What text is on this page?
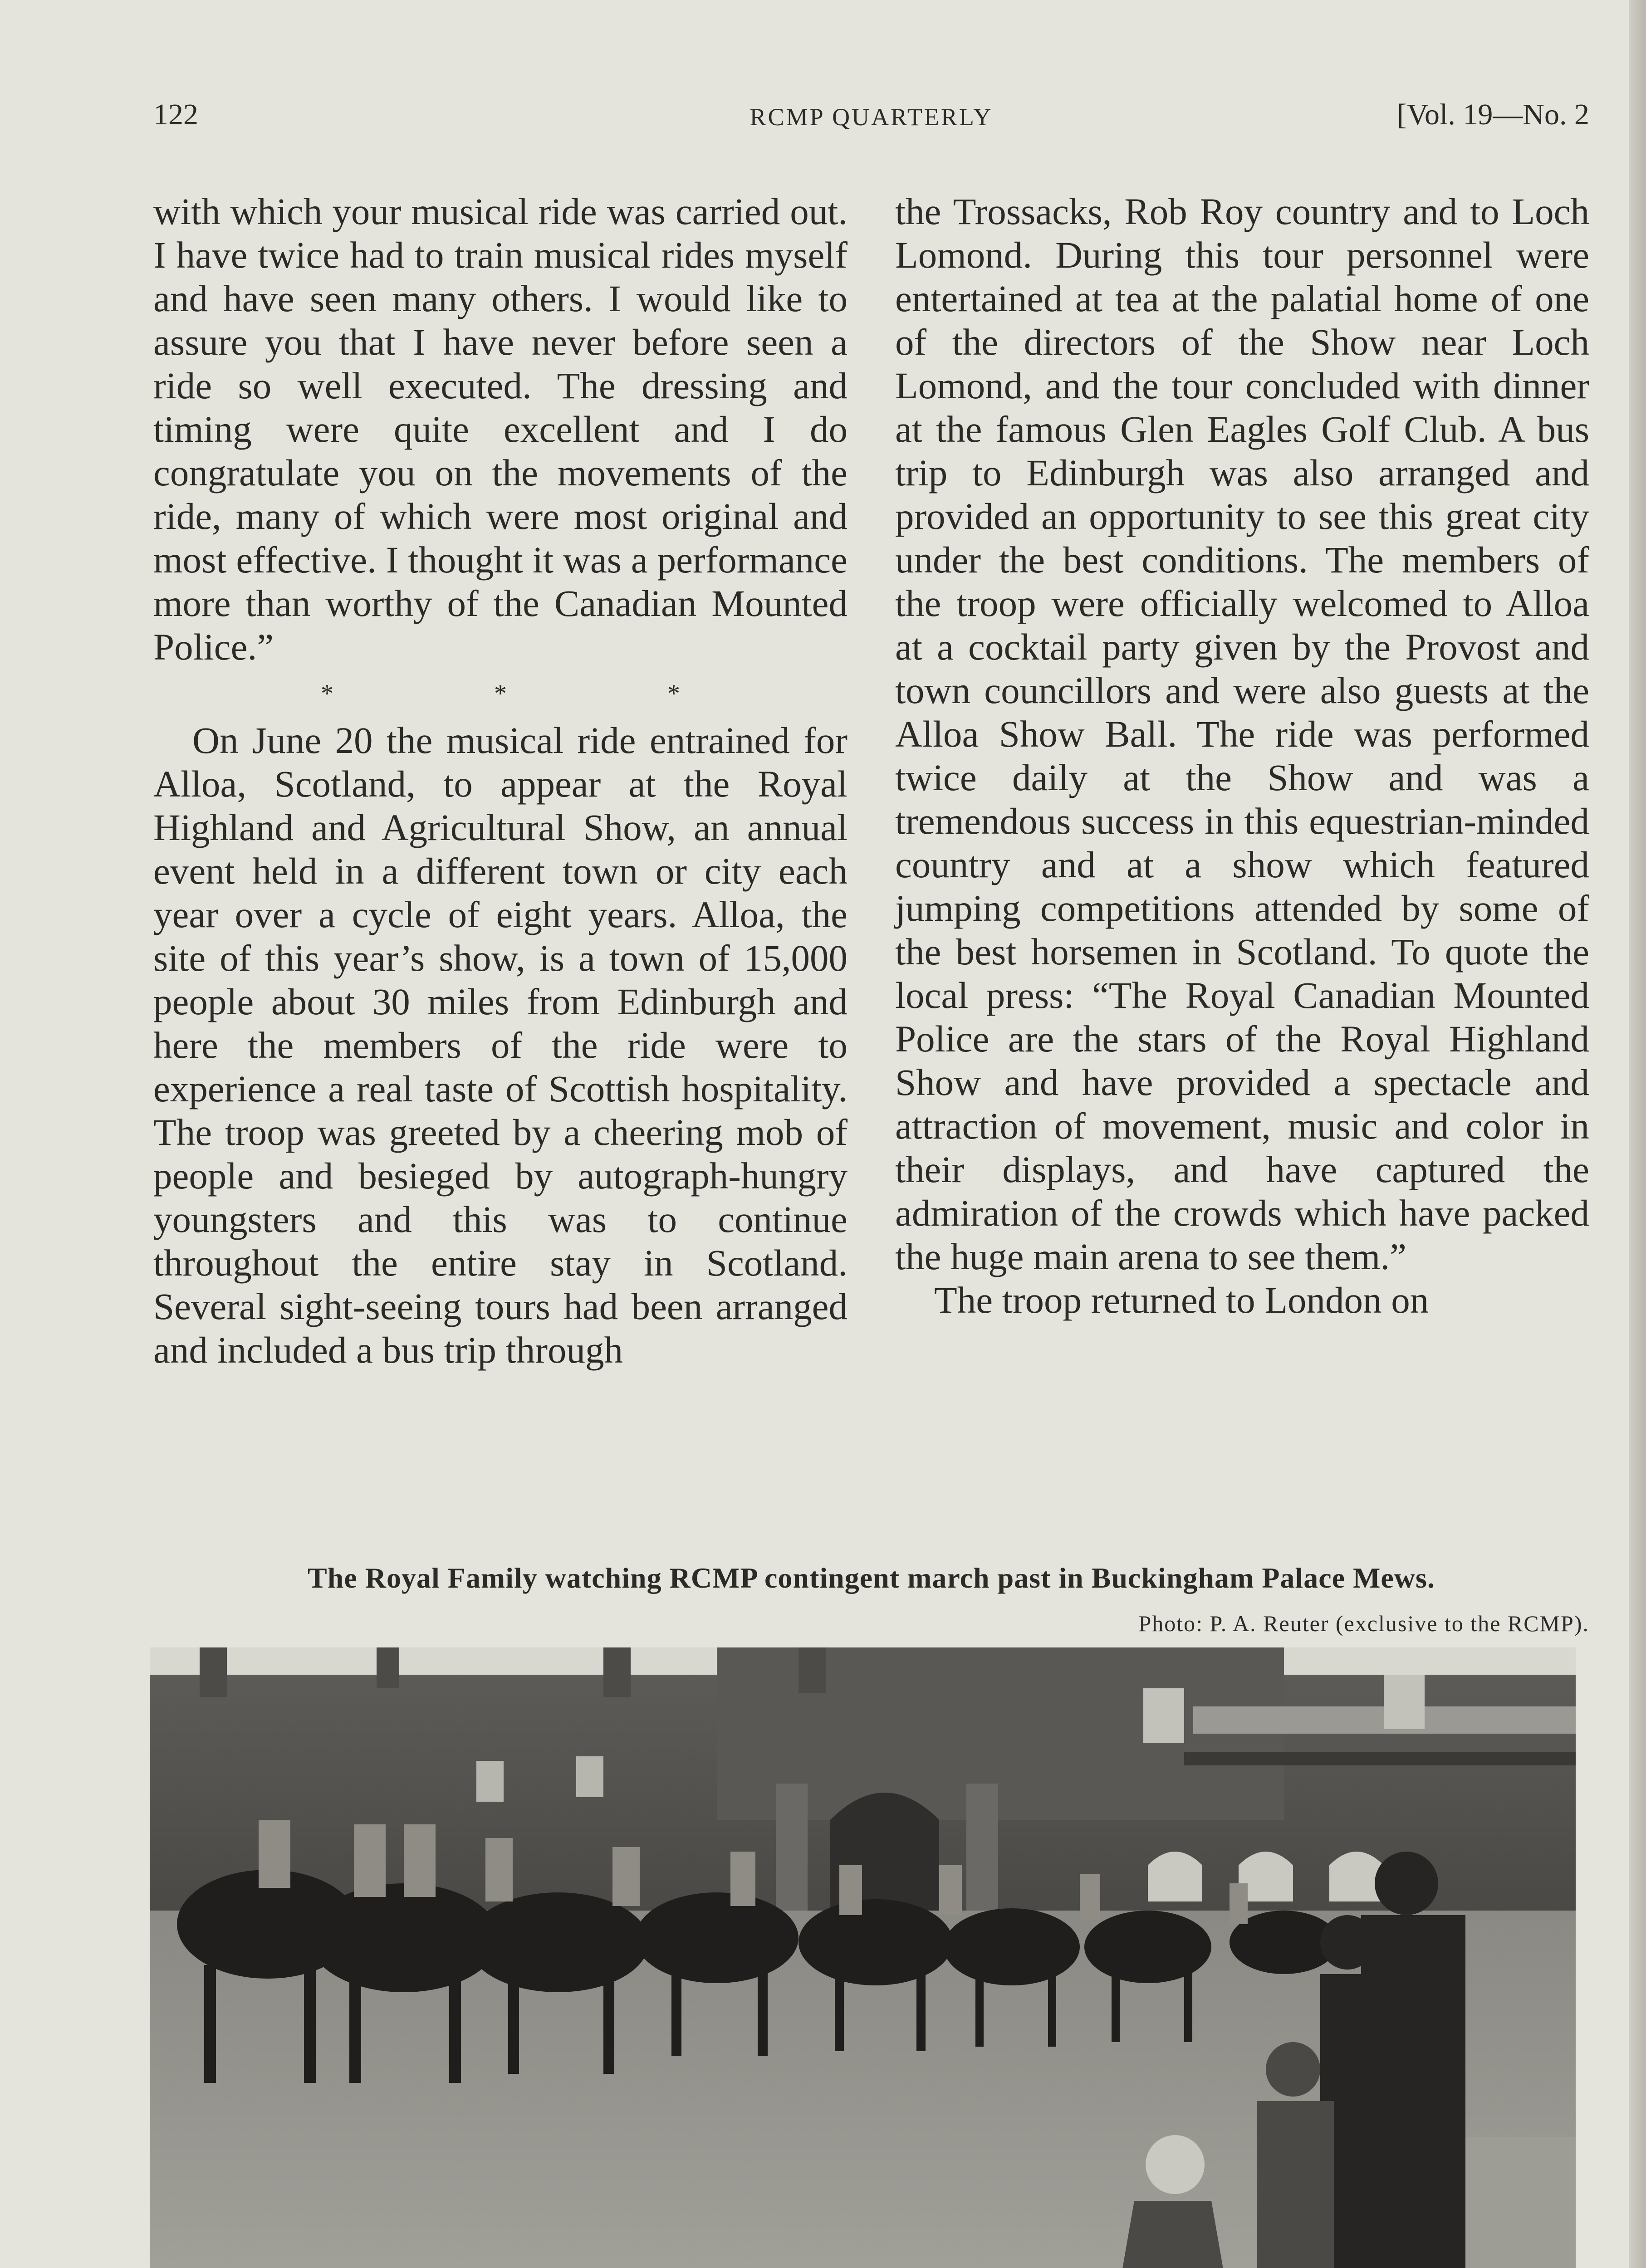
122	RCMP QUARTERLY	[Vol. 19—No. 2

with which your musical ride was carried out. I have twice had to train musical rides myself and have seen many others. I would like to assure you that I have never before seen a ride so well executed. The dressing and timing were quite excellent and I do congratulate you on the movements of the ride, many of which were most original and most effective. I thought it was a performance more than worthy of the Canadian Mounted Police.”

* * *

On June 20 the musical ride entrained for Alloa, Scotland, to appear at the Royal Highland and Agricultural Show, an annual event held in a different town or city each year over a cycle of eight years. Alloa, the site of this year’s show, is a town of 15,000 people about 30 miles from Edinburgh and here the members of the ride were to experience a real taste of Scottish hospitality. The troop was greeted by a cheering mob of people and besieged by autograph-hungry youngsters and this was to continue throughout the entire stay in Scotland. Several sight-seeing tours had been arranged and included a bus trip through

the Trossacks, Rob Roy country and to Loch Lomond. During this tour personnel were entertained at tea at the palatial home of one of the directors of the Show near Loch Lomond, and the tour concluded with dinner at the famous Glen Eagles Golf Club. A bus trip to Edinburgh was also arranged and provided an opportunity to see this great city under the best conditions. The members of the troop were officially welcomed to Alloa at a cocktail party given by the Provost and town councillors and were also guests at the Alloa Show Ball. The ride was performed twice daily at the Show and was a tremendous success in this equestrian-minded country and at a show which featured jumping competitions attended by some of the best horsemen in Scotland. To quote the local press: “The Royal Canadian Mounted Police are the stars of the Royal Highland Show and have provided a spectacle and attraction of movement, music and color in their displays, and have captured the admiration of the crowds which have packed the huge main arena to see them.”

The troop returned to London on

The Royal Family watching RCMP contingent march past in Buckingham Palace Mews.
Photo: P. A. Reuter (exclusive to the RCMP).
